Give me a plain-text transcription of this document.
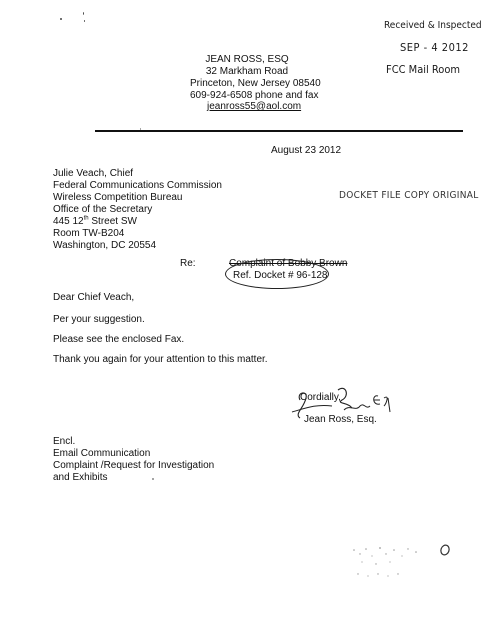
Received & Inspected
SEP - 4 2012
FCC Mail Room
JEAN ROSS, ESQ
32 Markham Road
Princeton, New Jersey 08540
609-924-6508 phone and fax
jeanross55@aol.com
August 23 2012
Julie Veach, Chief
Federal Communications Commission
Wireless Competition Bureau
Office of the Secretary
445 12th Street SW
Room TW-B204
Washington, DC 20554
DOCKET FILE COPY ORIGINAL
Re:	Complaint of Bobby Brown
Ref. Docket # 96-128
Dear Chief Veach,
Per your suggestion.
Please see the enclosed Fax.
Thank you again for your attention to this matter.
Cordially,
Jean Ross, Esq.
Encl.
Email Communication
Complaint /Request for Investigation
and Exhibits
